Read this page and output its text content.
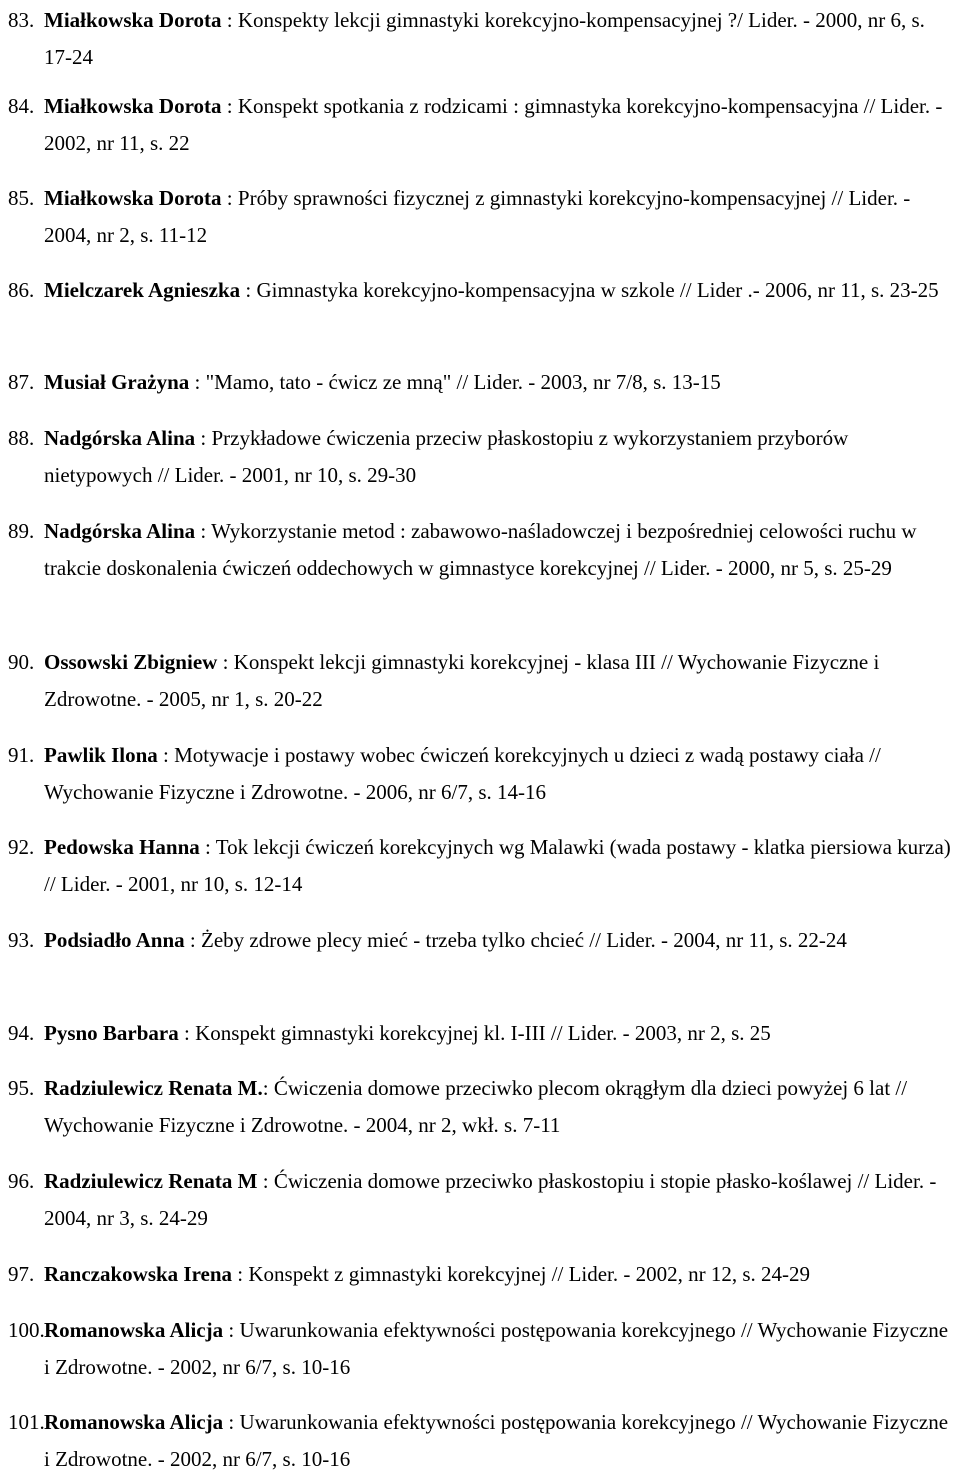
83. Miałkowska Dorota : Konspekty lekcji gimnastyki korekcyjno-kompensacyjnej ?/ Lider. - 2000, nr 6, s. 17-24
84. Miałkowska Dorota : Konspekt spotkania z rodzicami : gimnastyka korekcyjno-kompensacyjna // Lider. - 2002, nr 11, s. 22
85. Miałkowska Dorota : Próby sprawności fizycznej z gimnastyki korekcyjno-kompensacyjnej // Lider. - 2004, nr 2, s. 11-12
86. Mielczarek Agnieszka : Gimnastyka korekcyjno-kompensacyjna w szkole // Lider .- 2006, nr 11, s. 23-25
87. Musiał Grażyna : "Mamo, tato - ćwicz ze mną" // Lider. - 2003, nr 7/8, s. 13-15
88. Nadgórska Alina : Przykładowe ćwiczenia przeciw płaskostopiu z wykorzystaniem przyborów nietypowych // Lider. - 2001, nr 10, s. 29-30
89. Nadgórska Alina : Wykorzystanie metod : zabawowo-naśladowczej i bezpośredniej celowości ruchu w trakcie doskonalenia ćwiczeń oddechowych w gimnastyce korekcyjnej // Lider. - 2000, nr 5, s. 25-29
90. Ossowski Zbigniew : Konspekt lekcji gimnastyki korekcyjnej - klasa III // Wychowanie Fizyczne i Zdrowotne. - 2005, nr 1, s. 20-22
91. Pawlik Ilona : Motywacje i postawy wobec ćwiczeń korekcyjnych u dzieci z wadą postawy ciała // Wychowanie Fizyczne i Zdrowotne. - 2006, nr 6/7, s. 14-16
92. Pedowska Hanna : Tok lekcji ćwiczeń korekcyjnych wg Malawki (wada postawy - klatka piersiowa kurza) // Lider. - 2001, nr 10, s. 12-14
93. Podsiadło Anna : Żeby zdrowe plecy mieć - trzeba tylko chcieć // Lider. - 2004, nr 11, s. 22-24
94. Pysno Barbara : Konspekt gimnastyki korekcyjnej kl. I-III // Lider. - 2003, nr 2, s. 25
95. Radziulewicz Renata M.: Ćwiczenia domowe przeciwko plecom okrągłym dla dzieci powyżej 6 lat // Wychowanie Fizyczne i Zdrowotne. - 2004, nr 2, wkł. s. 7-11
96. Radziulewicz Renata M : Ćwiczenia domowe przeciwko płaskostopiu i stopie płasko-koślawej // Lider. - 2004, nr 3, s. 24-29
97. Ranczakowska Irena : Konspekt z gimnastyki korekcyjnej // Lider. - 2002, nr 12, s. 24-29
100. Romanowska Alicja : Uwarunkowania efektywności postępowania korekcyjnego // Wychowanie Fizyczne i Zdrowotne. - 2002, nr 6/7, s. 10-16
101. Romanowska Alicja : Uwarunkowania efektywności postępowania korekcyjnego // Wychowanie Fizyczne i Zdrowotne. - 2002, nr 6/7, s. 10-16
